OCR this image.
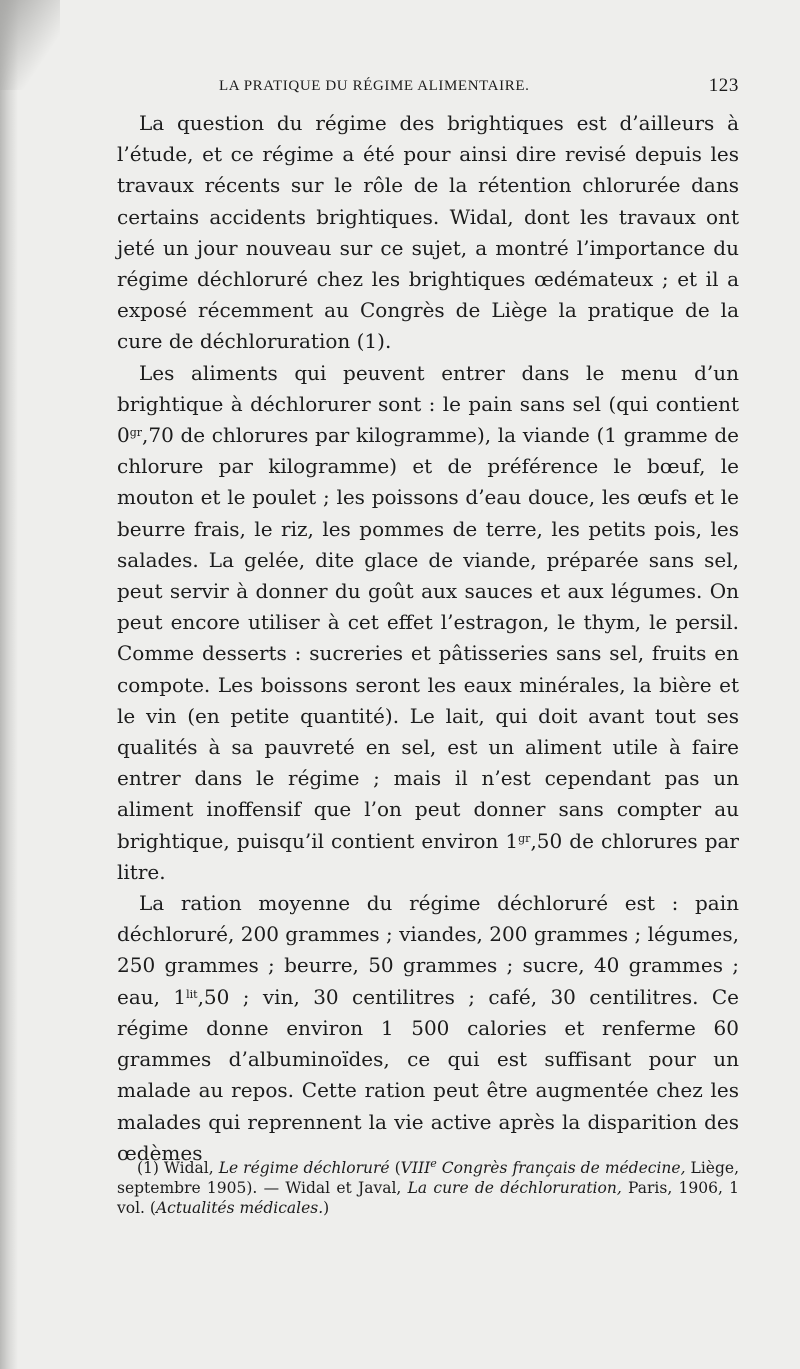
LA PRATIQUE DU RÉGIME ALIMENTAIRE.	123

La question du régime des brightiques est d’ailleurs à l’étude, et ce régime a été pour ainsi dire revisé depuis les travaux récents sur le rôle de la rétention chlorurée dans certains accidents brightiques. Widal, dont les travaux ont jeté un jour nouveau sur ce sujet, a montré l’importance du régime déchloruré chez les brightiques œdémateux ; et il a exposé récemment au Congrès de Liège la pratique de la cure de déchloruration (1).

Les aliments qui peuvent entrer dans le menu d’un brightique à déchlorurer sont : le pain sans sel (qui contient $0^{gr},70$ de chlorures par kilogramme), la viande (1 gramme de chlorure par kilogramme) et de préférence le bœuf, le mouton et le poulet ; les poissons d’eau douce, les œufs et le beurre frais, le riz, les pommes de terre, les petits pois, les salades. La gelée, dite glace de viande, préparée sans sel, peut servir à donner du goût aux sauces et aux légumes. On peut encore utiliser à cet effet l’estragon, le thym, le persil. Comme desserts : sucreries et pâtisseries sans sel, fruits en compote. Les boissons seront les eaux minérales, la bière et le vin (en petite quantité). Le lait, qui doit avant tout ses qualités à sa pauvreté en sel, est un aliment utile à faire entrer dans le régime ; mais il n’est cependant pas un aliment inoffensif que l’on peut donner sans compter au brightique, puisqu’il contient environ $1^{gr},50$ de chlorures par litre.

La ration moyenne du régime déchloruré est : pain déchloruré, 200 grammes ; viandes, 200 grammes ; légumes, 250 grammes ; beurre, 50 grammes ; sucre, 40 grammes ; eau, $1^{lit},50$ ; vin, 30 centilitres ; café, 30 centilitres. Ce régime donne environ 1 500 calories et renferme 60 grammes d’albuminoïdes, ce qui est suffisant pour un malade au repos. Cette ration peut être augmentée chez les malades qui reprennent la vie active après la disparition des œdèmes

(1) Widal, Le régime déchloruré (VIIIe Congrès français de médecine, Liège, septembre 1905). — Widal et Javal, La cure de déchloruration, Paris, 1906, 1 vol. (Actualités médicales.)
